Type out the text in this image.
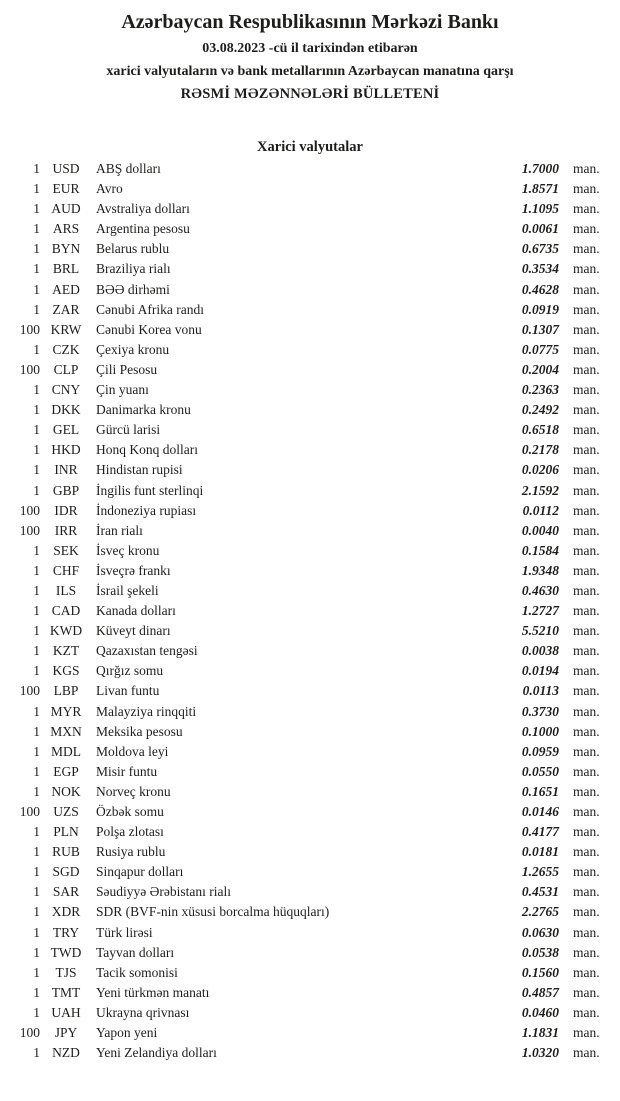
Azərbaycan Respublikasının Mərkəzi Bankı
03.08.2023 -cü il tarixindən etibarən
xarici valyutaların və bank metallarının Azərbaycan manatına qarşı
RƏSMİ MƏZƏNNƏLƏRİ BÜLLETENİ
Xarici valyutalar
1 USD	ABŞ dolları	1.7000	man.
1 EUR	Avro	1.8571	man.
1 AUD	Avstraliya dolları	1.1095	man.
1 ARS	Argentina pesosu	0.0061	man.
1 BYN	Belarus rublu	0.6735	man.
1 BRL	Braziliya rialı	0.3534	man.
1 AED	BƏƏ dirhəmi	0.4628	man.
1 ZAR	Cənubi Afrika randı	0.0919	man.
100 KRW	Cənubi Korea vonu	0.1307	man.
1 CZK	Çexiya kronu	0.0775	man.
100	CLP	Çili Pesosu	0.2004	man.
1 CNY	Çin yuanı	0.2363	man.
1 DKK	Danimarka kronu	0.2492	man.
1 GEL	Gürcü larisi	0.6518	man.
1 HKD	Honq Konq dolları	0.2178	man.
1	INR	Hindistan rupisi	0.0206	man.
1 GBP	İngilis funt sterlinqi	2.1592	man.
100	IDR	İndoneziya rupiası	0.0112	man.
100	IRR	İran rialı	0.0040	man.
1 SEK	İsveç kronu	0.1584	man.
1 CHF	İsveçrə frankı	1.9348	man.
1	ILS	İsrail şekeli	0.4630	man.
1 CAD	Kanada dolları	1.2727	man.
1 KWD	Küveyt dinarı	5.5210	man.
1 KZT	Qazaxıstan tengəsi	0.0038	man.
1 KGS	Qırğız somu	0.0194	man.
100	LBP	Livan funtu	0.0113	man.
1 MYR	Malayziya rinqqiti	0.3730	man.
1 MXN	Meksika pesosu	0.1000	man.
1 MDL	Moldova leyi	0.0959	man.
1 EGP	Misir funtu	0.0550	man.
1 NOK	Norveç kronu	0.1651	man.
100 UZS	Özbək somu	0.0146	man.
1 PLN	Polşa zlotası	0.4177	man.
1 RUB	Rusiya rublu	0.0181	man.
1 SGD	Sinqapur dolları	1.2655	man.
1 SAR	Səudiyyə Ərəbistanı rialı	0.4531	man.
1 XDR	SDR (BVF-nin xüsusi borcalma hüquqları)	2.2765	man.
1 TRY	Türk lirəsi	0.0630	man.
1 TWD	Tayvan dolları	0.0538	man.
1	TJS	Tacik somonisi	0.1560	man.
1 TMT	Yeni türkmən manatı	0.4857	man.
1 UAH	Ukrayna qrivnası	0.0460	man.
100	JPY	Yapon yeni	1.1831	man.
1 NZD	Yeni Zelandiya dolları	1.0320	man.
